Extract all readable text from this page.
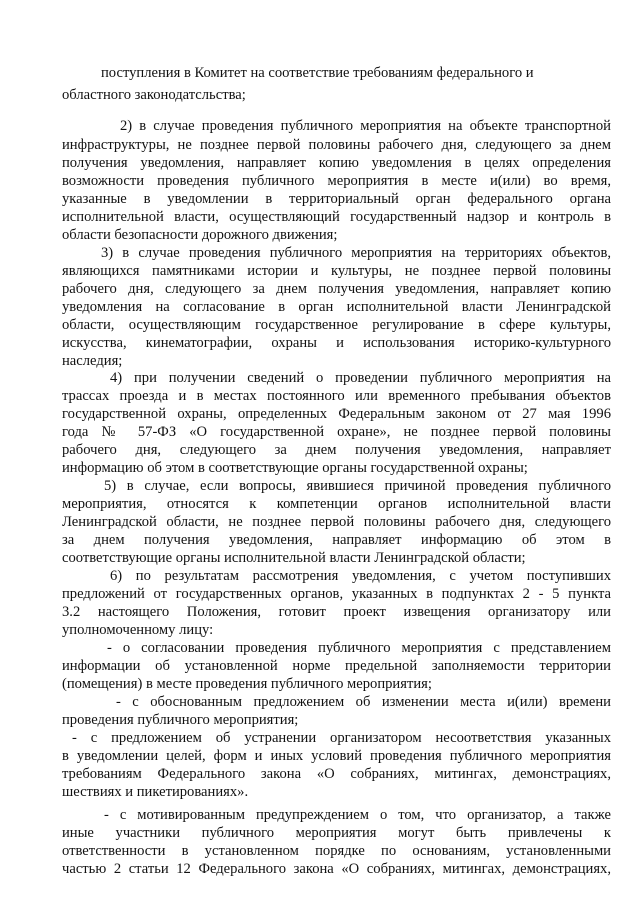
поступления в Комитет на соответствие требованиям федерального и
областного законодатсльства;
2) в случае проведения публичного мероприятия на объекте транспортной
инфраструктуры, не позднее первой половины рабочего дня, следующего за днем
получения уведомления, направляет копию уведомления в целях определения
возможности проведения публичного мероприятия в месте и(или) во время,
указанные в уведомлении в территориальный орган федерального органа
исполнительной власти, осуществляющий государственный надзор и контроль в
области безопасности дорожного движения;
3) в случае проведения публичного мероприятия на территориях объектов,
являющихся памятниками истории и культуры, не позднее первой половины
рабочего дня, следующего за днем получения уведомления, направляет копию
уведомления на согласование в орган исполнительной власти Ленинградской
области, осуществляющим государственное регулирование в сфере культуры,
искусства, кинематографии, охраны и использования историко-культурного
наследия;
4) при получении сведений о проведении публичного мероприятия на
трассах проезда и в местах постоянного или временного пребывания объектов
государственной охраны, определенных Федеральным законом от 27 мая 1996
года № 57-ФЗ «О государственной охране», не позднее первой половины
рабочего дня, следующего за днем получения уведомления, направляет
информацию об этом в соответствующие органы государственной охраны;
5) в случае, если вопросы, явившиеся причиной проведения публичного
мероприятия, относятся к компетенции органов исполнительной власти
Ленинградской области, не позднее первой половины рабочего дня, следующего
за днем получения уведомления, направляет информацию об этом в
соответствующие органы исполнительной власти Ленинградской области;
6) по результатам рассмотрения уведомления, с учетом поступивших
предложений от государственных органов, указанных в подпунктах 2 - 5 пункта
3.2 настоящего Положения, готовит проект извещения организатору или
уполномоченному лицу:
- о согласовании проведения публичного мероприятия с представлением
информации об установленной норме предельной заполняемости территории
(помещения) в месте проведения публичного мероприятия;
- с обоснованным предложением об изменении места и(или) времени
проведения публичного мероприятия;
- с предложением об устранении организатором несоответствия указанных
в уведомлении целей, форм и иных условий проведения публичного мероприятия
требованиям Федерального закона «О собраниях, митингах, демонстрациях,
шествиях и пикетированиях».
- с мотивированным предупреждением о том, что организатор, а также
иные участники публичного мероприятия могут быть привлечены к
ответственности в установленном порядке по основаниям, установленными
частью 2 статьи 12 Федерального закона «О собраниях, митингах, демонстрациях,
